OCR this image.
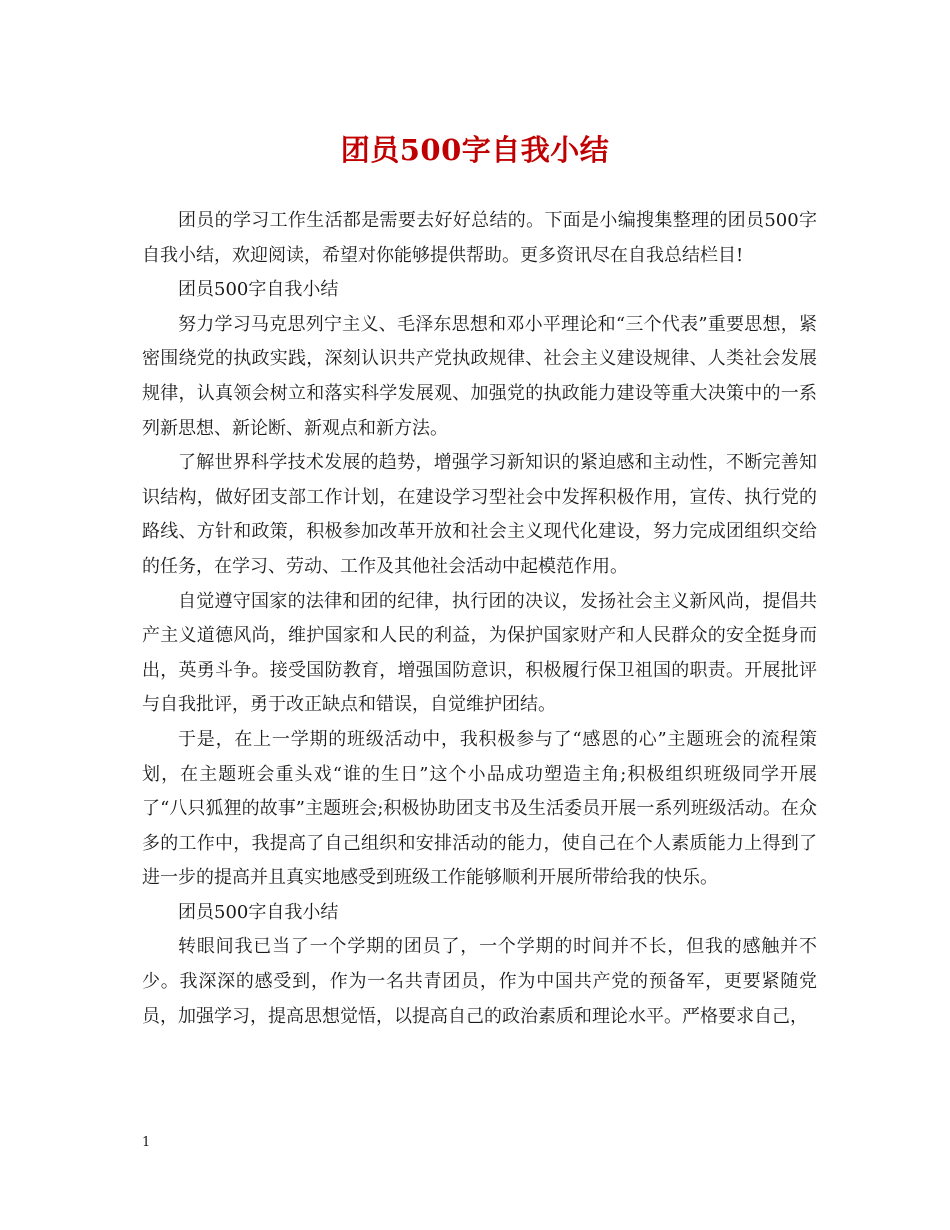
团员500字自我小结

团员的学习工作生活都是需要去好好总结的。下面是小编搜集整理的团员500字自我小结，欢迎阅读，希望对你能够提供帮助。更多资讯尽在自我总结栏目!

团员500字自我小结

努力学习马克思列宁主义、毛泽东思想和邓小平理论和“三个代表”重要思想，紧密围绕党的执政实践，深刻认识共产党执政规律、社会主义建设规律、人类社会发展规律，认真领会树立和落实科学发展观、加强党的执政能力建设等重大决策中的一系列新思想、新论断、新观点和新方法。

了解世界科学技术发展的趋势，增强学习新知识的紧迫感和主动性，不断完善知识结构，做好团支部工作计划，在建设学习型社会中发挥积极作用，宣传、执行党的路线、方针和政策，积极参加改革开放和社会主义现代化建设，努力完成团组织交给的任务，在学习、劳动、工作及其他社会活动中起模范作用。

自觉遵守国家的法律和团的纪律，执行团的决议，发扬社会主义新风尚，提倡共产主义道德风尚，维护国家和人民的利益，为保护国家财产和人民群众的安全挺身而出，英勇斗争。接受国防教育，增强国防意识，积极履行保卫祖国的职责。开展批评与自我批评，勇于改正缺点和错误，自觉维护团结。

于是，在上一学期的班级活动中，我积极参与了“感恩的心”主题班会的流程策划，在主题班会重头戏“谁的生日”这个小品成功塑造主角;积极组织班级同学开展了“八只狐狸的故事”主题班会;积极协助团支书及生活委员开展一系列班级活动。在众多的工作中，我提高了自己组织和安排活动的能力，使自己在个人素质能力上得到了进一步的提高并且真实地感受到班级工作能够顺利开展所带给我的快乐。

团员500字自我小结

转眼间我已当了一个学期的团员了，一个学期的时间并不长，但我的感触并不少。我深深的感受到，作为一名共青团员，作为中国共产党的预备军，更要紧随党员，加强学习，提高思想觉悟，以提高自己的政治素质和理论水平。严格要求自己，

1
